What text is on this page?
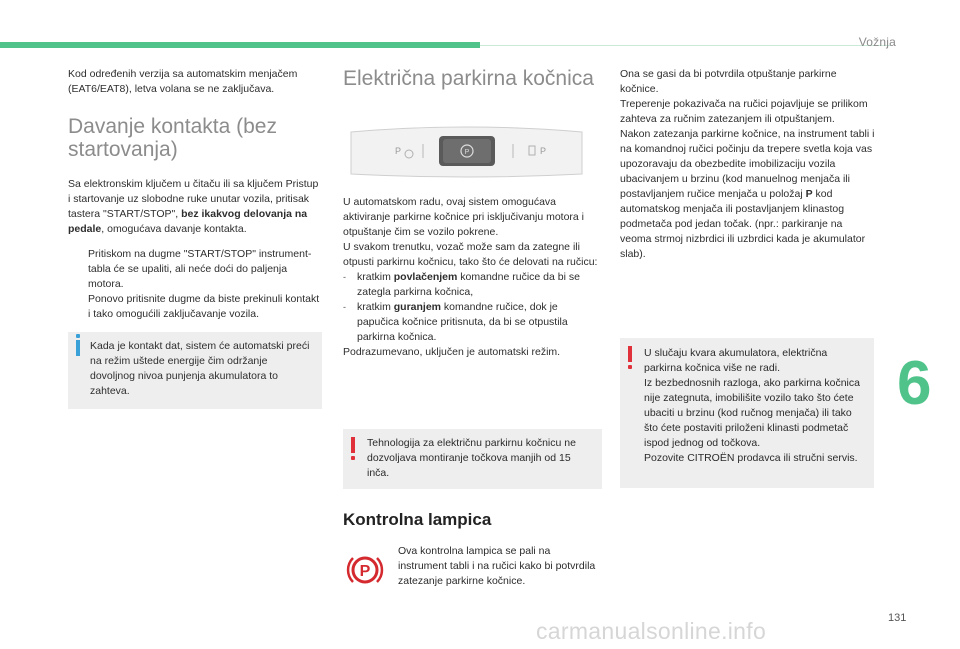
Vožnja

Kod određenih verzija sa automatskim menjačem (EAT6/EAT8), letva volana se ne zaključava.

Davanje kontakta (bez startovanja)

Sa elektronskim ključem u čitaču ili sa ključem Pristup i startovanje uz slobodne ruke unutar vozila, pritisak tastera "START/STOP", bez ikakvog delovanja na pedale, omogućava davanje kontakta.

Pritiskom na dugme "START/STOP" instrument-tabla će se upaliti, ali neće doći do paljenja motora.
Ponovo pritisnite dugme da biste prekinuli kontakt i tako omogućili zaključavanje vozila.
Kada je kontakt dat, sistem će automatski preći na režim uštede energije čim održanje dovoljnog nivoa punjenja akumulatora to zahteva.
Električna parkirna kočnica
P
P	P

U automatskom radu, ovaj sistem omogućava aktiviranje parkirne kočnice pri isključivanju motora i otpuštanje čim se vozilo pokrene.

U svakom trenutku, vozač može sam da zategne ili otpusti parkirnu kočnicu, tako što će delovati na ručicu:

- kratkim povlačenjem komandne ručice da bi se zategla parkirna kočnica,
- kratkim guranjem komandne ručice, dok je papučica kočnice pritisnuta, da bi se otpustila parkirna kočnica.

Podrazumevano, uključen je automatski režim.

Tehnologija za električnu parkirnu kočnicu ne dozvoljava montiranje točkova manjih od 15 inča.
Kontrolna lampica
P
Ova kontrolna lampica se pali na instrument tabli i na ručici kako bi potvrdila zatezanje parkirne kočnice.

Ona se gasi da bi potvrdila otpuštanje parkirne kočnice.

Treperenje pokazivača na ručici pojavljuje se prilikom zahteva za ručnim zatezanjem ili otpuštanjem.

Nakon zatezanja parkirne kočnice, na instrument tabli i na komandnoj ručici počinju da trepere svetla koja vas upozoravaju da obezbedite imobilizaciju vozila ubacivanjem u brzinu (kod manuelnog menjača ili postavljanjem ručice menjača u položaj P kod automatskog menjača ili postavljanjem klinastog podmetača pod jedan točak. (npr.: parkiranje na veoma strmoj nizbrdici ili uzbrdici kada je akumulator slab).

U slučaju kvara akumulatora, električna parkirna kočnica više ne radi.
Iz bezbednosnih razloga, ako parkirna kočnica nije zategnuta, imobilišite vozilo tako što ćete ubaciti u brzinu (kod ručnog menjača) ili tako što ćete postaviti priloženi klinasti podmetač ispod jednog od točkova.
Pozovite CITROËN prodavca ili stručni servis.
6
131
carmanualsonline.info
